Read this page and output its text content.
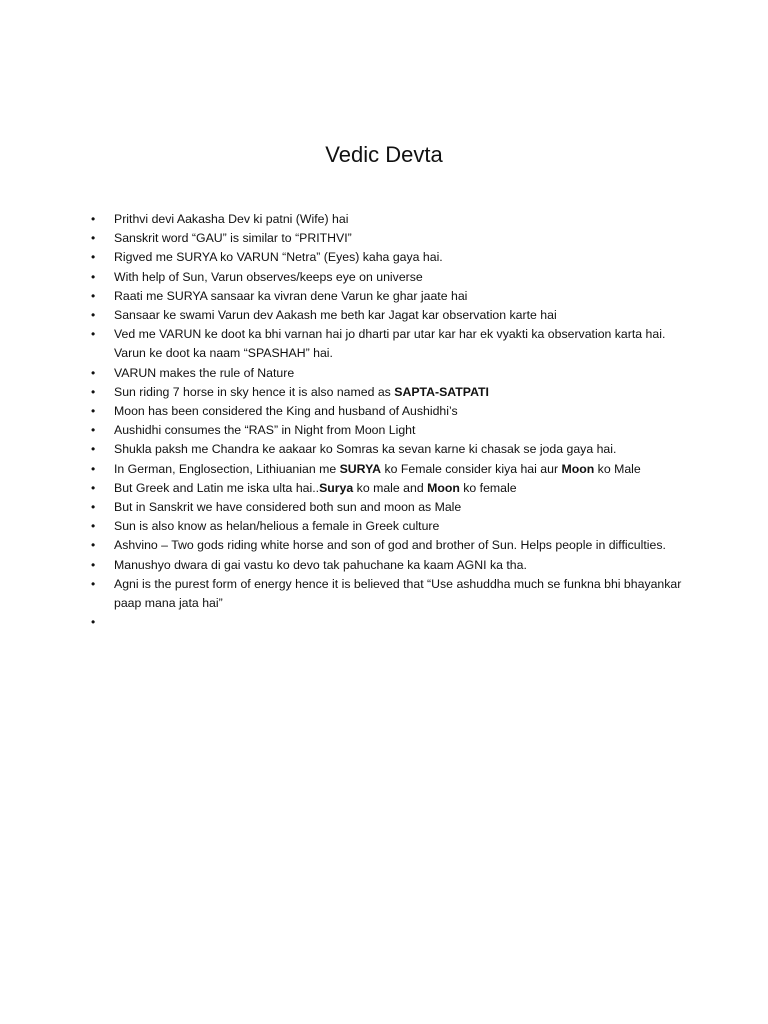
Vedic Devta
• Prithvi devi Aakasha Dev ki patni (Wife) hai
• Sanskrit word “GAU” is similar to “PRITHVI”
• Rigved me SURYA ko VARUN “Netra” (Eyes) kaha gaya hai.
• With help of Sun, Varun observes/keeps eye on universe
• Raati me SURYA sansaar ka vivran dene Varun ke ghar jaate hai
• Sansaar ke swami Varun dev Aakash me beth kar Jagat kar observation karte hai
• Ved me VARUN ke doot ka bhi varnan hai jo dharti par utar kar har ek vyakti ka observation karta hai. Varun ke doot ka naam “SPASHAH” hai.
• VARUN makes the rule of Nature
• Sun riding 7 horse in sky hence it is also named as SAPTA-SATPATI
• Moon has been considered the King and husband of Aushidhi’s
• Aushidhi consumes the “RAS” in Night from Moon Light
• Shukla paksh me Chandra ke aakaar ko Somras ka sevan karne ki chasak se joda gaya hai.
• In German, Englosection, Lithiuanian me SURYA ko Female consider kiya hai aur Moon ko Male
• But Greek and Latin me iska ulta hai..Surya ko male and Moon ko female
• But in Sanskrit we have considered both sun and moon as Male
• Sun is also know as helan/helious a female in Greek culture
• Ashvino – Two gods riding white horse and son of god and brother of Sun. Helps people in difficulties.
• Manushyo dwara di gai vastu ko devo tak pahuchane ka kaam AGNI ka tha.
• Agni is the purest form of energy hence it is believed that “Use ashuddha much se funkna bhi bhayankar paap mana jata hai”
•
